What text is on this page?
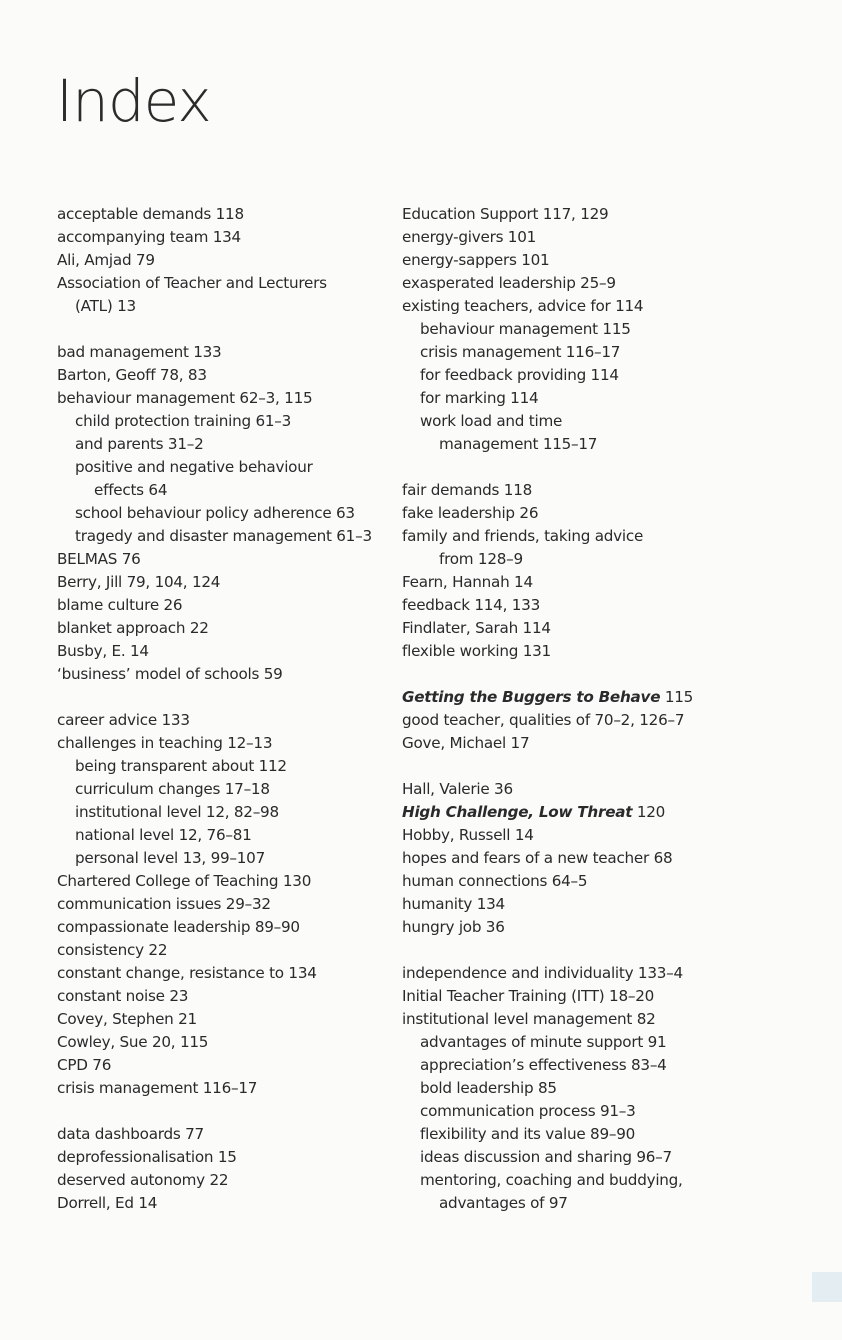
Index
acceptable demands 118
accompanying team 134
Ali, Amjad 79
Association of Teacher and Lecturers
(ATL) 13
bad management 133
Barton, Geoff 78, 83
behaviour management 62–3, 115
child protection training 61–3
and parents 31–2
positive and negative behaviour
effects 64
school behaviour policy adherence 63
tragedy and disaster management 61–3
BELMAS 76
Berry, Jill 79, 104, 124
blame culture 26
blanket approach 22
Busby, E. 14
‘business’ model of schools 59
career advice 133
challenges in teaching 12–13
being transparent about 112
curriculum changes 17–18
institutional level 12, 82–98
national level 12, 76–81
personal level 13, 99–107
Chartered College of Teaching 130
communication issues 29–32
compassionate leadership 89–90
consistency 22
constant change, resistance to 134
constant noise 23
Covey, Stephen 21
Cowley, Sue 20, 115
CPD 76
crisis management 116–17
data dashboards 77
deprofessionalisation 15
deserved autonomy 22
Dorrell, Ed 14
Education Support 117, 129
energy-givers 101
energy-sappers 101
exasperated leadership 25–9
existing teachers, advice for 114
behaviour management 115
crisis management 116–17
for feedback providing 114
for marking 114
work load and time
management 115–17
fair demands 118
fake leadership 26
family and friends, taking advice
from 128–9
Fearn, Hannah 14
feedback 114, 133
Findlater, Sarah 114
flexible working 131
Getting the Buggers to Behave 115
good teacher, qualities of 70–2, 126–7
Gove, Michael 17
Hall, Valerie 36
High Challenge, Low Threat 120
Hobby, Russell 14
hopes and fears of a new teacher 68
human connections 64–5
humanity 134
hungry job 36
independence and individuality 133–4
Initial Teacher Training (ITT) 18–20
institutional level management 82
advantages of minute support 91
appreciation’s effectiveness 83–4
bold leadership 85
communication process 91–3
flexibility and its value 89–90
ideas discussion and sharing 96–7
mentoring, coaching and buddying,
advantages of 97
